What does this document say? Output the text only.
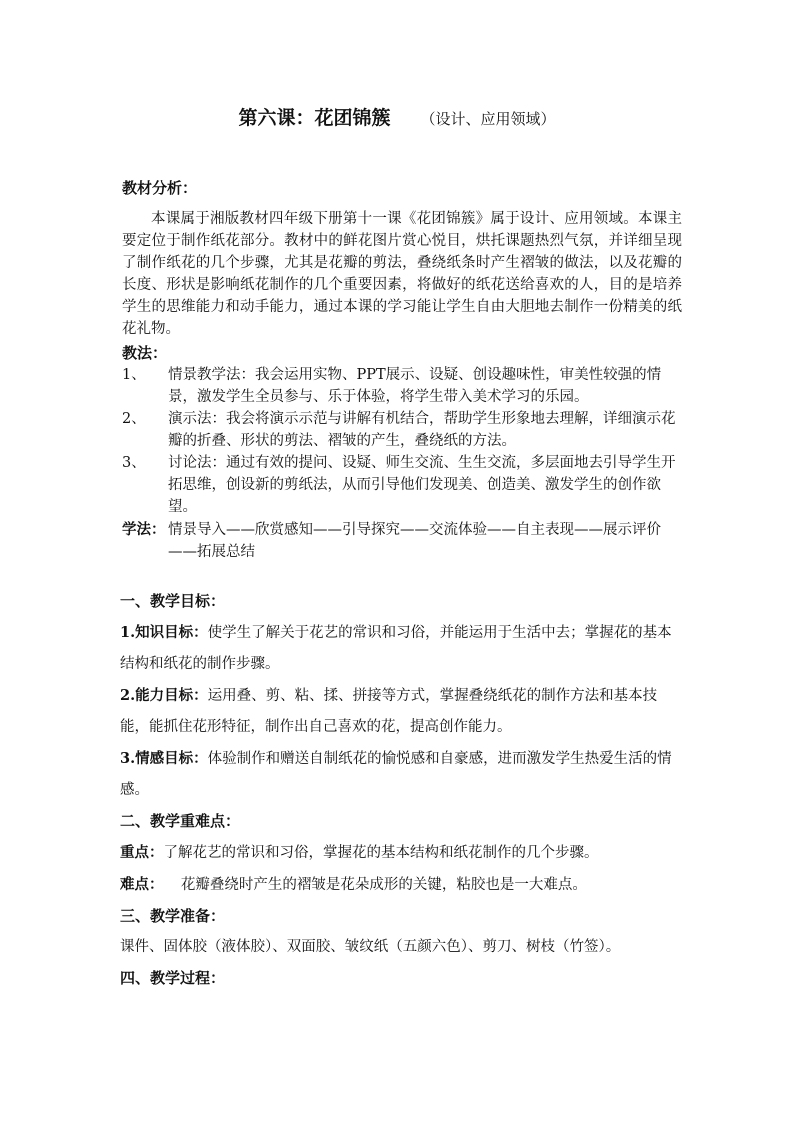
第六课：花团锦簇 （设计、应用领域）
教材分析：

本课属于湘版教材四年级下册第十一课《花团锦簇》属于设计、应用领域。本课主要定位于制作纸花部分。教材中的鲜花图片赏心悦目，烘托课题热烈气氛，并详细呈现了制作纸花的几个步骤，尤其是花瓣的剪法，叠绕纸条时产生褶皱的做法，以及花瓣的长度、形状是影响纸花制作的几个重要因素，将做好的纸花送给喜欢的人，目的是培养学生的思维能力和动手能力，通过本课的学习能让学生自由大胆地去制作一份精美的纸花礼物。

教法：
1、	情景教学法：我会运用实物、PPT展示、设疑、创设趣味性，审美性较强的情景，激发学生全员参与、乐于体验，将学生带入美术学习的乐园。
2、	演示法：我会将演示示范与讲解有机结合，帮助学生形象地去理解，详细演示花瓣的折叠、形状的剪法、褶皱的产生，叠绕纸的方法。
3、	讨论法：通过有效的提问、设疑、师生交流、生生交流，多层面地去引导学生开拓思维，创设新的剪纸法，从而引导他们发现美、创造美、激发学生的创作欲望。
学法： 情景导入——欣赏感知——引导探究——交流体验——自主表现——展示评价——拓展总结

一、教学目标：

1.知识目标：使学生了解关于花艺的常识和习俗，并能运用于生活中去；掌握花的基本结构和纸花的制作步骤。

2.能力目标：运用叠、剪、粘、揉、拼接等方式，掌握叠绕纸花的制作方法和基本技能，能抓住花形特征，制作出自己喜欢的花，提高创作能力。

3.情感目标：体验制作和赠送自制纸花的愉悦感和自豪感，进而激发学生热爱生活的情感。

二、教学重难点：

重点：了解花艺的常识和习俗，掌握花的基本结构和纸花制作的几个步骤。

难点： 花瓣叠绕时产生的褶皱是花朵成形的关键，粘胶也是一大难点。

三、教学准备：

课件、固体胶（液体胶）、双面胶、皱纹纸（五颜六色）、剪刀、树枝（竹签）。

四、教学过程：
